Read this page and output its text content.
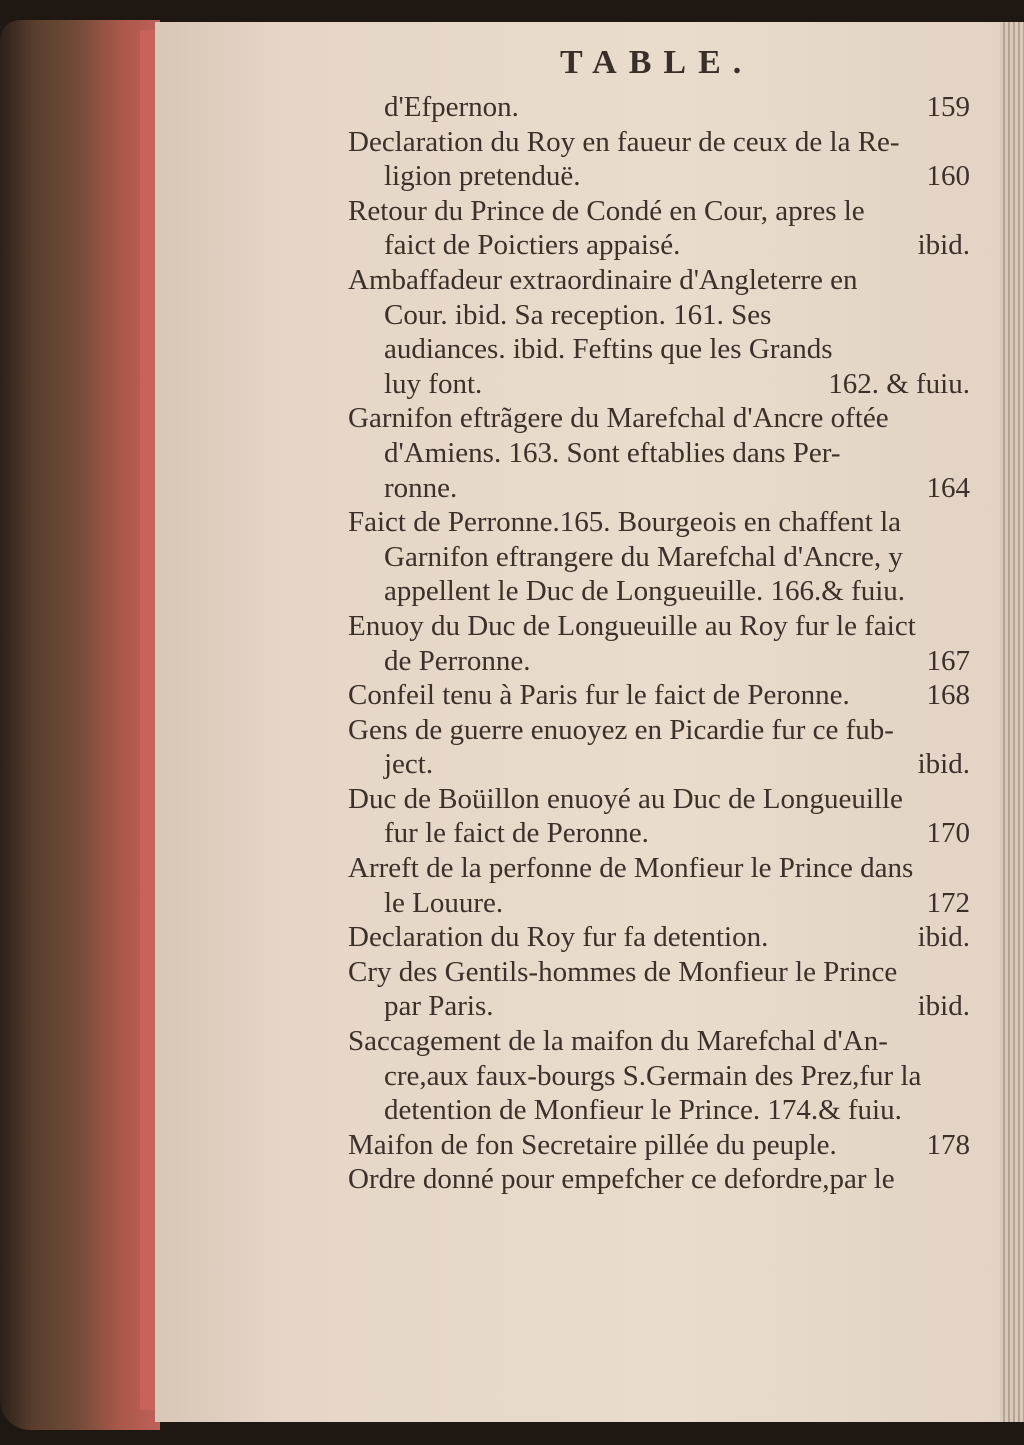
TABLE.
d'Efpernon.	159
Declaration du Roy en faueur de ceux de la Re-
ligion pretenduë.	160
Retour du Prince de Condé en Cour, apres le
faict de Poictiers appaisé.	ibid.
Ambaffadeur extraordinaire d'Angleterre en
Cour. ibid. Sa reception. 161. Ses
audiances. ibid. Feftins que les Grands
luy font.	162. & fuiu.
Garnifon eftrãgere du Marefchal d'Ancre oftée
d'Amiens. 163. Sont eftablies dans Per-
ronne.	164
Faict de Perronne.165. Bourgeois en chaffent la
Garnifon eftrangere du Marefchal d'Ancre, y
appellent le Duc de Longueuille. 166.& fuiu.
Enuoy du Duc de Longueuille au Roy fur le faict
de Perronne.	167
Confeil tenu à Paris fur le faict de Peronne.	168
Gens de guerre enuoyez en Picardie fur ce fub-
ject.	ibid.
Duc de Boüillon enuoyé au Duc de Longueuille
fur le faict de Peronne.	170
Arreft de la perfonne de Monfieur le Prince dans
le Louure.	172
Declaration du Roy fur fa detention.	ibid.
Cry des Gentils-hommes de Monfieur le Prince
par Paris.	ibid.
Saccagement de la maifon du Marefchal d'An-
cre,aux faux-bourgs S.Germain des Prez,fur la
detention de Monfieur le Prince. 174.& fuiu.
Maifon de fon Secretaire pillée du peuple.	178
Ordre donné pour empefcher ce defordre,par le
